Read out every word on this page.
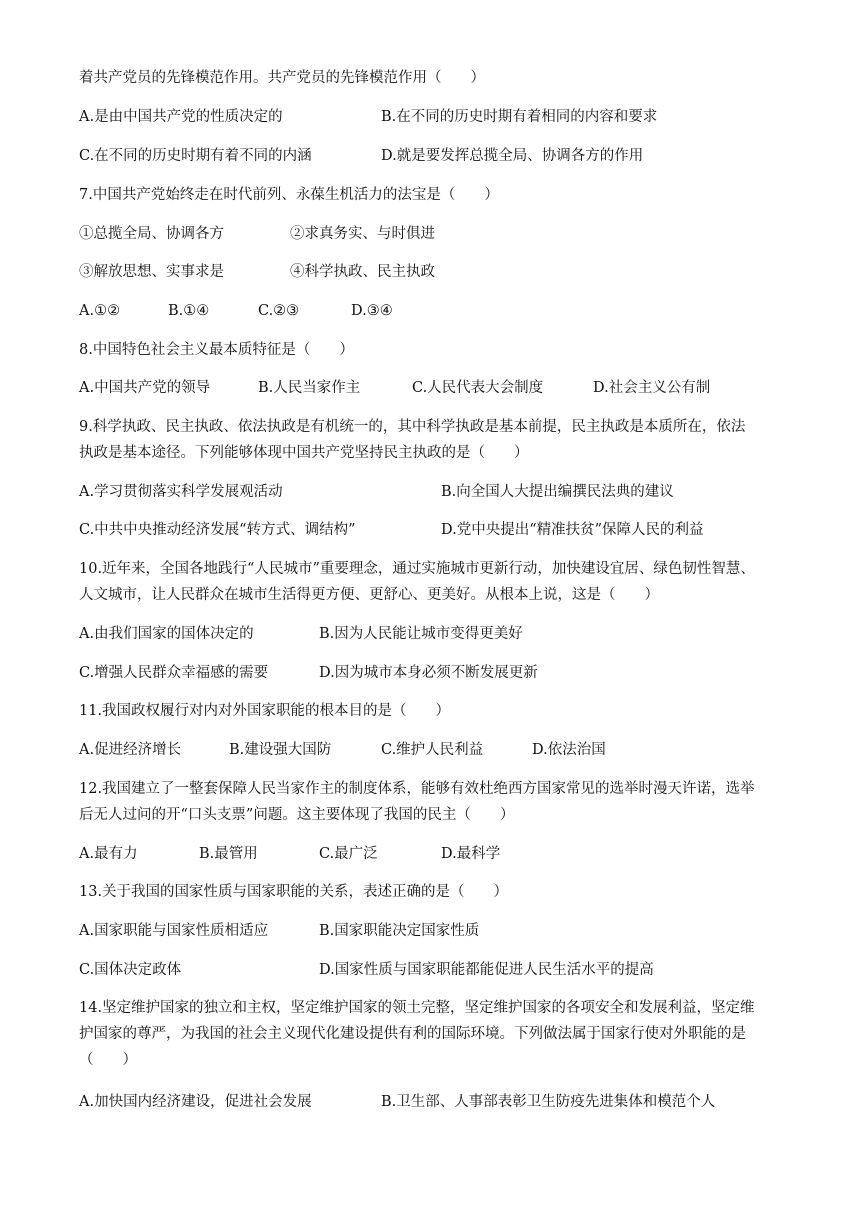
着共产党员的先锋模范作用。共产党员的先锋模范作用（　　）
A.是由中国共产党的性质决定的	B.在不同的历史时期有着相同的内容和要求
C.在不同的历史时期有着不同的内涵	D.就是要发挥总揽全局、协调各方的作用
7.中国共产党始终走在时代前列、永葆生机活力的法宝是（　　）
①总揽全局、协调各方	②求真务实、与时俱进
③解放思想、实事求是	④科学执政、民主执政
A.①②	B.①④	C.②③	D.③④
8.中国特色社会主义最本质特征是（　　）
A.中国共产党的领导	B.人民当家作主	C.人民代表大会制度	D.社会主义公有制
9.科学执政、民主执政、依法执政是有机统一的，其中科学执政是基本前提，民主执政是本质所在，依法
执政是基本途径。下列能够体现中国共产党坚持民主执政的是（　　）
A.学习贯彻落实科学发展观活动	B.向全国人大提出编撰民法典的建议
C.中共中央推动经济发展“转方式、调结构”	D.党中央提出“精准扶贫”保障人民的利益
10.近年来，全国各地践行“人民城市”重要理念，通过实施城市更新行动，加快建设宜居、绿色韧性智慧、
人文城市，让人民群众在城市生活得更方便、更舒心、更美好。从根本上说，这是（　　）
A.由我们国家的国体决定的	B.因为人民能让城市变得更美好
C.增强人民群众幸福感的需要	D.因为城市本身必须不断发展更新
11.我国政权履行对内对外国家职能的根本目的是（　　）
A.促进经济增长	B.建设强大国防	C.维护人民利益	D.依法治国
12.我国建立了一整套保障人民当家作主的制度体系，能够有效杜绝西方国家常见的选举时漫天许诺，选举
后无人过问的开“口头支票”问题。这主要体现了我国的民主（　　）
A.最有力	B.最管用	C.最广泛	D.最科学
13.关于我国的国家性质与国家职能的关系，表述正确的是（　　）
A.国家职能与国家性质相适应	B.国家职能决定国家性质
C.国体决定政体	D.国家性质与国家职能都能促进人民生活水平的提高
14.坚定维护国家的独立和主权，坚定维护国家的领土完整，坚定维护国家的各项安全和发展利益，坚定维
护国家的尊严，为我国的社会主义现代化建设提供有利的国际环境。下列做法属于国家行使对外职能的是
（　　）
A.加快国内经济建设，促进社会发展	B.卫生部、人事部表彰卫生防疫先进集体和模范个人
